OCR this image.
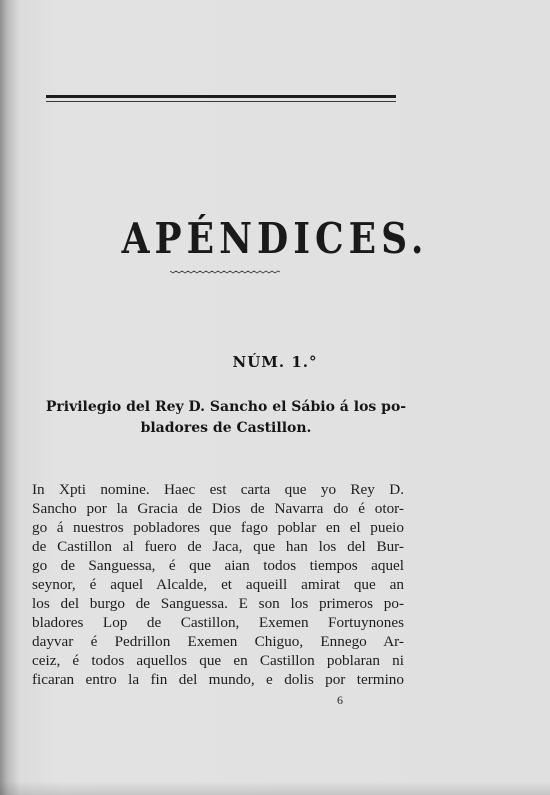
APÉNDICES.
NÚM. 1.°
Privilegio del Rey D. Sancho el Sábio á los po-
bladores de Castillon.
In Xpti nomine. Haec est carta que yo Rey D.
Sancho por la Gracia de Dios de Navarra do é otor-
go á nuestros pobladores que fago poblar en el pueio
de Castillon al fuero de Jaca, que han los del Bur-
go de Sanguessa, é que aian todos tiempos aquel
seynor, é aquel Alcalde, et aqueill amirat que an
los del burgo de Sanguessa. E son los primeros po-
bladores Lop de Castillon, Exemen Fortuynones
dayvar é Pedrillon Exemen Chiguo, Ennego Ar-
ceiz, é todos aquellos que en Castillon poblaran ni
ficaran entro la fin del mundo, e dolis por termino
6
